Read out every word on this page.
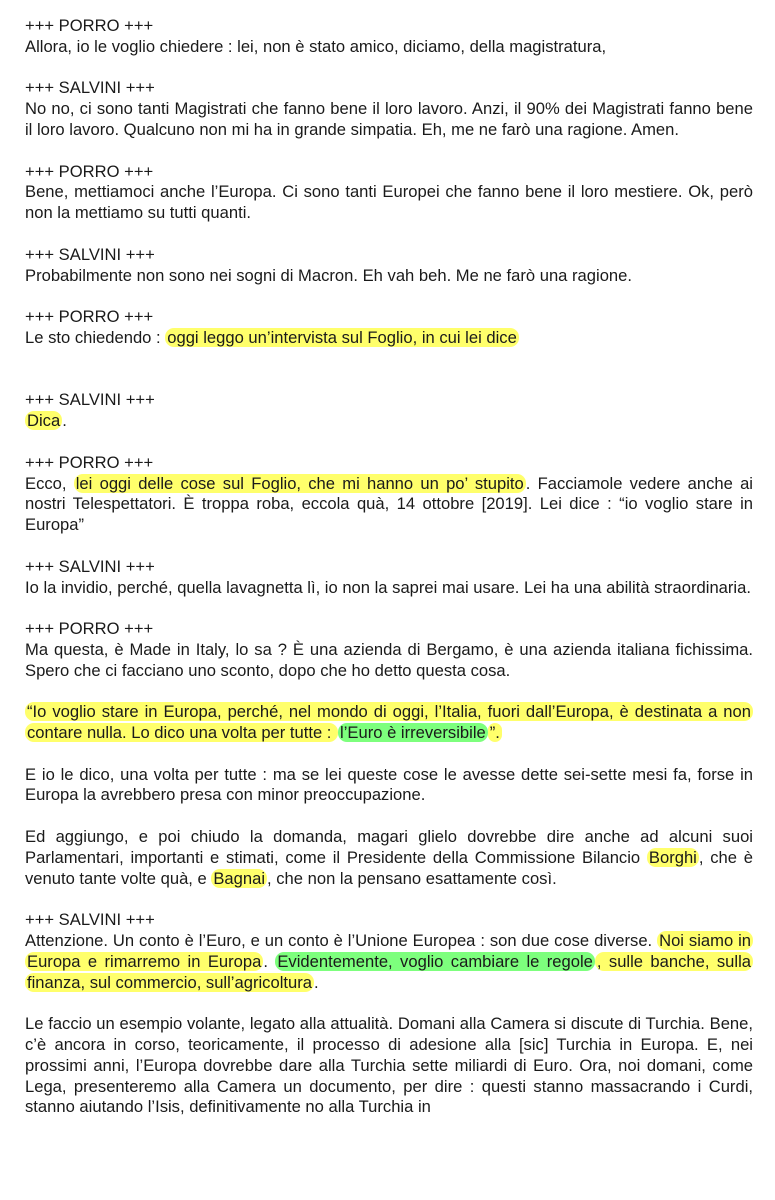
+++ PORRO +++
Allora, io le voglio chiedere : lei, non è stato amico, diciamo, della magistratura,
+++ SALVINI +++
No no, ci sono tanti Magistrati che fanno bene il loro lavoro. Anzi, il 90% dei Magistrati fanno bene il loro lavoro. Qualcuno non mi ha in grande simpatia. Eh, me ne farò una ragione. Amen.
+++ PORRO +++
Bene, mettiamoci anche l’Europa. Ci sono tanti Europei che fanno bene il loro mestiere. Ok, però non la mettiamo su tutti quanti.
+++ SALVINI +++
Probabilmente non sono nei sogni di Macron. Eh vah beh. Me ne farò una ragione.
+++ PORRO +++
Le sto chiedendo : oggi leggo un’intervista sul Foglio, in cui lei dice
+++ SALVINI +++
Dica .
+++ PORRO +++
Ecco, lei oggi delle cose sul Foglio, che mi hanno un po’ stupito . Facciamole vedere anche ai nostri Telespettatori. È troppa roba, eccola quà, 14 ottobre [2019]. Lei dice : “io voglio stare in Europa”
+++ SALVINI +++
Io la invidio, perché, quella lavagnetta lì, io non la saprei mai usare. Lei ha una abilità straordinaria.
+++ PORRO +++
Ma questa, è Made in Italy, lo sa ? È una azienda di Bergamo, è una azienda italiana fichissima. Spero che ci facciano uno sconto, dopo che ho detto questa cosa.
“Io voglio stare in Europa, perché, nel mondo di oggi, l’Italia, fuori dall’Europa, è destinata a non contare nulla. Lo dico una volta per tutte : l’Euro è irreversibile ”.
E io le dico, una volta per tutte : ma se lei queste cose le avesse dette sei-sette mesi fa, forse in Europa la avrebbero presa con minor preoccupazione.
Ed aggiungo, e poi chiudo la domanda, magari glielo dovrebbe dire anche ad alcuni suoi Parlamentari, importanti e stimati, come il Presidente della Commissione Bilancio Borghi , che è venuto tante volte quà, e Bagnai , che non la pensano esattamente così.
+++ SALVINI +++
Attenzione. Un conto è l’Euro, e un conto è l’Unione Europea : son due cose diverse. Noi siamo in Europa e rimarremo in Europa . Evidentemente, voglio cambiare le regole , sulle banche, sulla finanza, sul commercio, sull’agricoltura .
Le faccio un esempio volante, legato alla attualità. Domani alla Camera si discute di Turchia. Bene, c’è ancora in corso, teoricamente, il processo di adesione alla [sic] Turchia in Europa. E, nei prossimi anni, l’Europa dovrebbe dare alla Turchia sette miliardi di Euro. Ora, noi domani, come Lega, presenteremo alla Camera un documento, per dire : questi stanno massacrando i Curdi, stanno aiutando l’Isis, definitivamente no alla Turchia in
